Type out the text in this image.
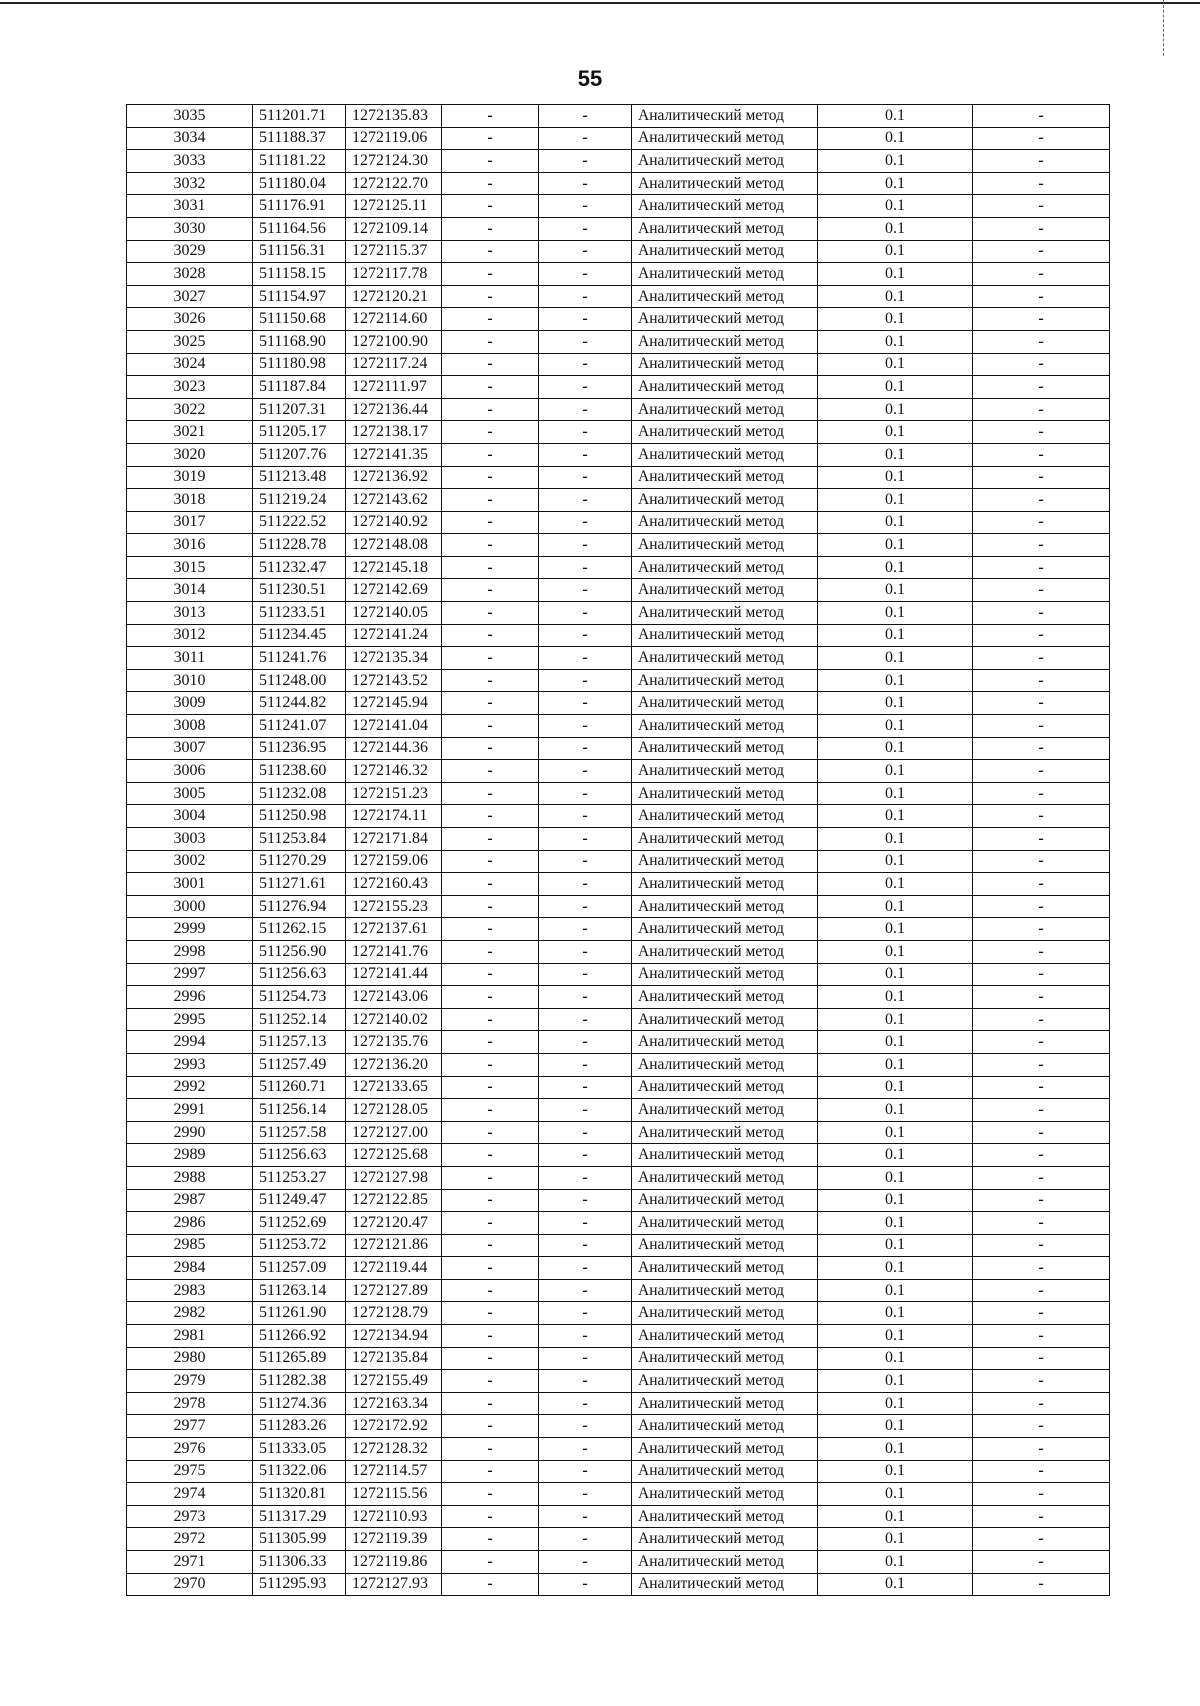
55
3035	511201.71	1272135.83	-	-	Аналитический метод	0.1	-
3034	511188.37	1272119.06	-	-	Аналитический метод	0.1	-
3033	511181.22	1272124.30	-	-	Аналитический метод	0.1	-
3032	511180.04	1272122.70	-	-	Аналитический метод	0.1	-
3031	511176.91	1272125.11	-	-	Аналитический метод	0.1	-
3030	511164.56	1272109.14	-	-	Аналитический метод	0.1	-
3029	511156.31	1272115.37	-	-	Аналитический метод	0.1	-
3028	511158.15	1272117.78	-	-	Аналитический метод	0.1	-
3027	511154.97	1272120.21	-	-	Аналитический метод	0.1	-
3026	511150.68	1272114.60	-	-	Аналитический метод	0.1	-
3025	511168.90	1272100.90	-	-	Аналитический метод	0.1	-
3024	511180.98	1272117.24	-	-	Аналитический метод	0.1	-
3023	511187.84	1272111.97	-	-	Аналитический метод	0.1	-
3022	511207.31	1272136.44	-	-	Аналитический метод	0.1	-
3021	511205.17	1272138.17	-	-	Аналитический метод	0.1	-
3020	511207.76	1272141.35	-	-	Аналитический метод	0.1	-
3019	511213.48	1272136.92	-	-	Аналитический метод	0.1	-
3018	511219.24	1272143.62	-	-	Аналитический метод	0.1	-
3017	511222.52	1272140.92	-	-	Аналитический метод	0.1	-
3016	511228.78	1272148.08	-	-	Аналитический метод	0.1	-
3015	511232.47	1272145.18	-	-	Аналитический метод	0.1	-
3014	511230.51	1272142.69	-	-	Аналитический метод	0.1	-
3013	511233.51	1272140.05	-	-	Аналитический метод	0.1	-
3012	511234.45	1272141.24	-	-	Аналитический метод	0.1	-
3011	511241.76	1272135.34	-	-	Аналитический метод	0.1	-
3010	511248.00	1272143.52	-	-	Аналитический метод	0.1	-
3009	511244.82	1272145.94	-	-	Аналитический метод	0.1	-
3008	511241.07	1272141.04	-	-	Аналитический метод	0.1	-
3007	511236.95	1272144.36	-	-	Аналитический метод	0.1	-
3006	511238.60	1272146.32	-	-	Аналитический метод	0.1	-
3005	511232.08	1272151.23	-	-	Аналитический метод	0.1	-
3004	511250.98	1272174.11	-	-	Аналитический метод	0.1	-
3003	511253.84	1272171.84	-	-	Аналитический метод	0.1	-
3002	511270.29	1272159.06	-	-	Аналитический метод	0.1	-
3001	511271.61	1272160.43	-	-	Аналитический метод	0.1	-
3000	511276.94	1272155.23	-	-	Аналитический метод	0.1	-
2999	511262.15	1272137.61	-	-	Аналитический метод	0.1	-
2998	511256.90	1272141.76	-	-	Аналитический метод	0.1	-
2997	511256.63	1272141.44	-	-	Аналитический метод	0.1	-
2996	511254.73	1272143.06	-	-	Аналитический метод	0.1	-
2995	511252.14	1272140.02	-	-	Аналитический метод	0.1	-
2994	511257.13	1272135.76	-	-	Аналитический метод	0.1	-
2993	511257.49	1272136.20	-	-	Аналитический метод	0.1	-
2992	511260.71	1272133.65	-	-	Аналитический метод	0.1	-
2991	511256.14	1272128.05	-	-	Аналитический метод	0.1	-
2990	511257.58	1272127.00	-	-	Аналитический метод	0.1	-
2989	511256.63	1272125.68	-	-	Аналитический метод	0.1	-
2988	511253.27	1272127.98	-	-	Аналитический метод	0.1	-
2987	511249.47	1272122.85	-	-	Аналитический метод	0.1	-
2986	511252.69	1272120.47	-	-	Аналитический метод	0.1	-
2985	511253.72	1272121.86	-	-	Аналитический метод	0.1	-
2984	511257.09	1272119.44	-	-	Аналитический метод	0.1	-
2983	511263.14	1272127.89	-	-	Аналитический метод	0.1	-
2982	511261.90	1272128.79	-	-	Аналитический метод	0.1	-
2981	511266.92	1272134.94	-	-	Аналитический метод	0.1	-
2980	511265.89	1272135.84	-	-	Аналитический метод	0.1	-
2979	511282.38	1272155.49	-	-	Аналитический метод	0.1	-
2978	511274.36	1272163.34	-	-	Аналитический метод	0.1	-
2977	511283.26	1272172.92	-	-	Аналитический метод	0.1	-
2976	511333.05	1272128.32	-	-	Аналитический метод	0.1	-
2975	511322.06	1272114.57	-	-	Аналитический метод	0.1	-
2974	511320.81	1272115.56	-	-	Аналитический метод	0.1	-
2973	511317.29	1272110.93	-	-	Аналитический метод	0.1	-
2972	511305.99	1272119.39	-	-	Аналитический метод	0.1	-
2971	511306.33	1272119.86	-	-	Аналитический метод	0.1	-
2970	511295.93	1272127.93	-	-	Аналитический метод	0.1	-
